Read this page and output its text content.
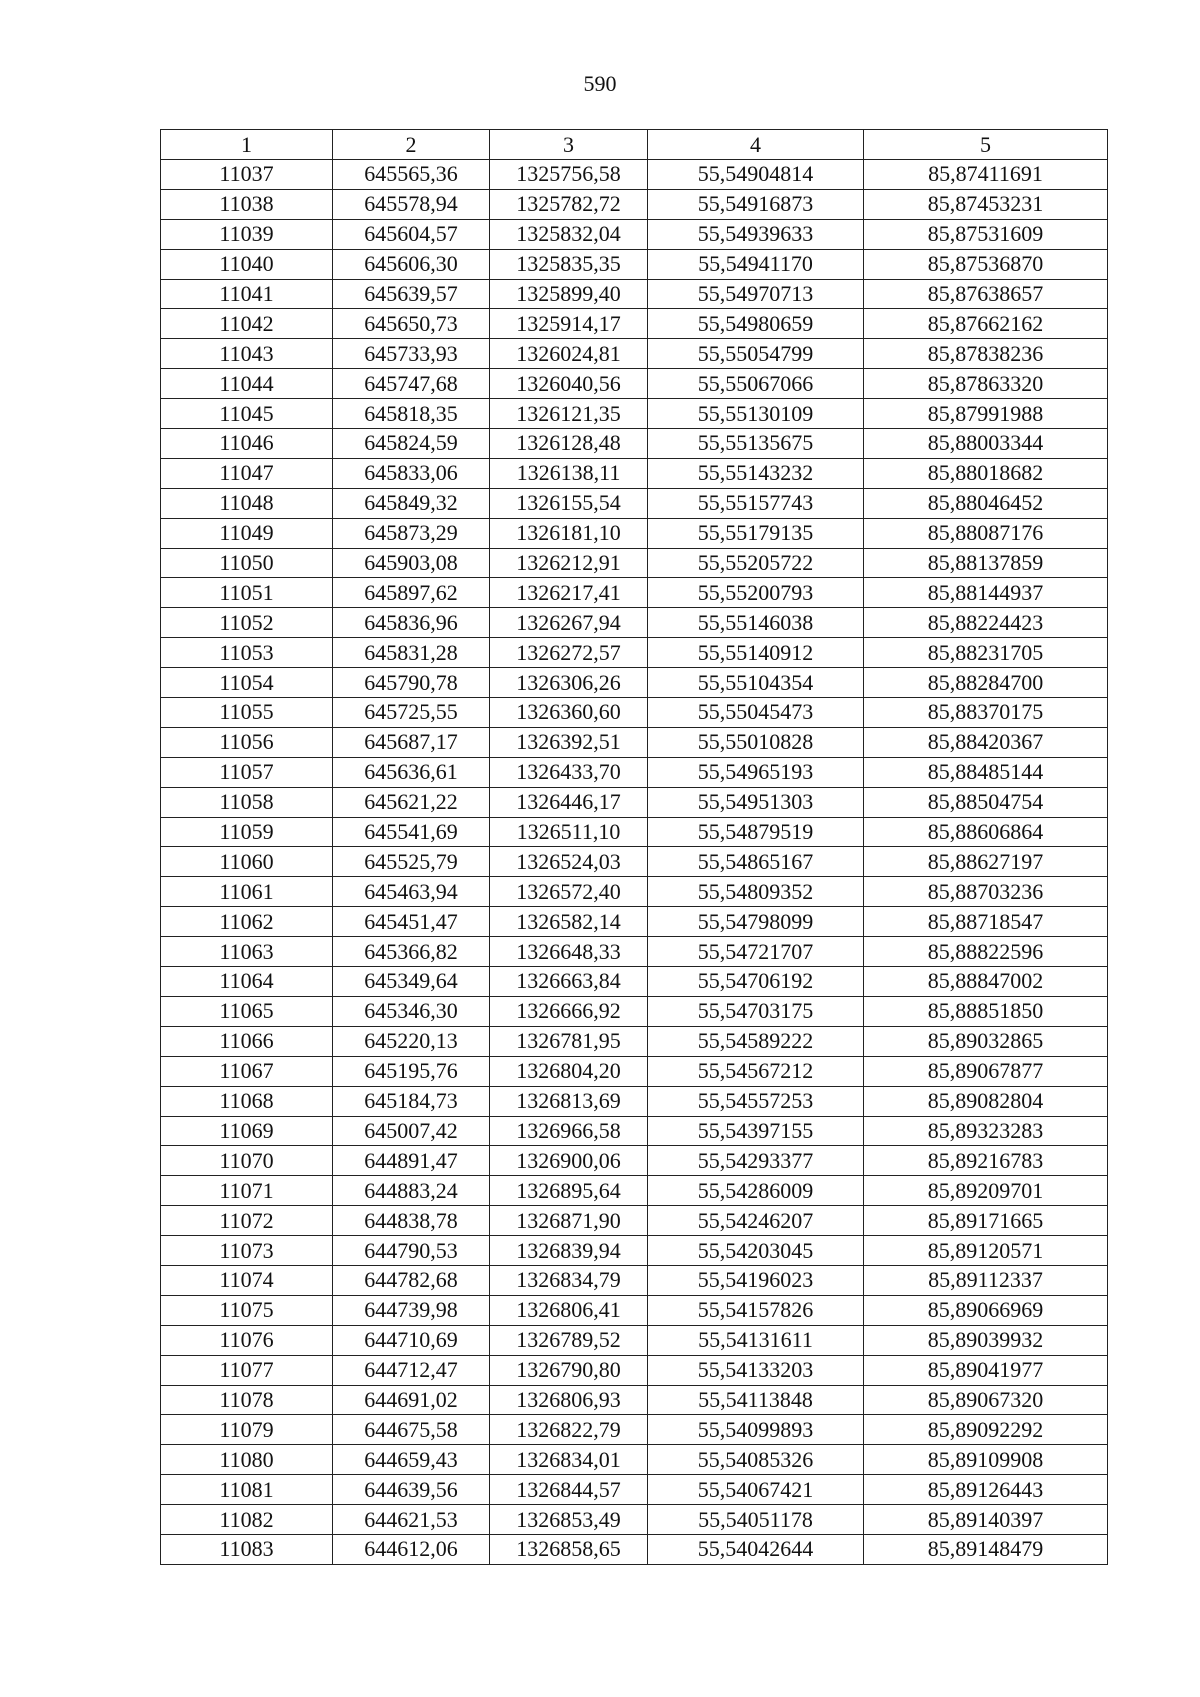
590
1	2	3	4	5
11037	645565,36	1325756,58	55,54904814	85,87411691
11038	645578,94	1325782,72	55,54916873	85,87453231
11039	645604,57	1325832,04	55,54939633	85,87531609
11040	645606,30	1325835,35	55,54941170	85,87536870
11041	645639,57	1325899,40	55,54970713	85,87638657
11042	645650,73	1325914,17	55,54980659	85,87662162
11043	645733,93	1326024,81	55,55054799	85,87838236
11044	645747,68	1326040,56	55,55067066	85,87863320
11045	645818,35	1326121,35	55,55130109	85,87991988
11046	645824,59	1326128,48	55,55135675	85,88003344
11047	645833,06	1326138,11	55,55143232	85,88018682
11048	645849,32	1326155,54	55,55157743	85,88046452
11049	645873,29	1326181,10	55,55179135	85,88087176
11050	645903,08	1326212,91	55,55205722	85,88137859
11051	645897,62	1326217,41	55,55200793	85,88144937
11052	645836,96	1326267,94	55,55146038	85,88224423
11053	645831,28	1326272,57	55,55140912	85,88231705
11054	645790,78	1326306,26	55,55104354	85,88284700
11055	645725,55	1326360,60	55,55045473	85,88370175
11056	645687,17	1326392,51	55,55010828	85,88420367
11057	645636,61	1326433,70	55,54965193	85,88485144
11058	645621,22	1326446,17	55,54951303	85,88504754
11059	645541,69	1326511,10	55,54879519	85,88606864
11060	645525,79	1326524,03	55,54865167	85,88627197
11061	645463,94	1326572,40	55,54809352	85,88703236
11062	645451,47	1326582,14	55,54798099	85,88718547
11063	645366,82	1326648,33	55,54721707	85,88822596
11064	645349,64	1326663,84	55,54706192	85,88847002
11065	645346,30	1326666,92	55,54703175	85,88851850
11066	645220,13	1326781,95	55,54589222	85,89032865
11067	645195,76	1326804,20	55,54567212	85,89067877
11068	645184,73	1326813,69	55,54557253	85,89082804
11069	645007,42	1326966,58	55,54397155	85,89323283
11070	644891,47	1326900,06	55,54293377	85,89216783
11071	644883,24	1326895,64	55,54286009	85,89209701
11072	644838,78	1326871,90	55,54246207	85,89171665
11073	644790,53	1326839,94	55,54203045	85,89120571
11074	644782,68	1326834,79	55,54196023	85,89112337
11075	644739,98	1326806,41	55,54157826	85,89066969
11076	644710,69	1326789,52	55,54131611	85,89039932
11077	644712,47	1326790,80	55,54133203	85,89041977
11078	644691,02	1326806,93	55,54113848	85,89067320
11079	644675,58	1326822,79	55,54099893	85,89092292
11080	644659,43	1326834,01	55,54085326	85,89109908
11081	644639,56	1326844,57	55,54067421	85,89126443
11082	644621,53	1326853,49	55,54051178	85,89140397
11083	644612,06	1326858,65	55,54042644	85,89148479
